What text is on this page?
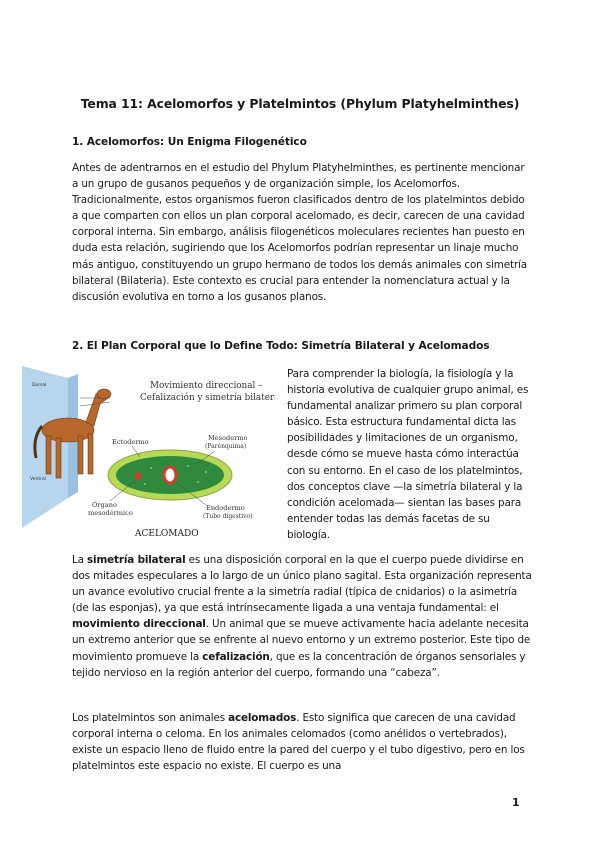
Tema 11: Acelomorfos y Platelmintos (Phylum Platyhelminthes)
1. Acelomorfos: Un Enigma Filogenético

Antes de adentrarnos en el estudio del Phylum Platyhelminthes, es pertinente mencionar a un grupo de gusanos pequeños y de organización simple, los Acelomorfos. Tradicionalmente, estos organismos fueron clasificados dentro de los platelmintos debido a que comparten con ellos un plan corporal acelomado, es decir, carecen de una cavidad corporal interna. Sin embargo, análisis filogenéticos moleculares recientes han puesto en duda esta relación, sugiriendo que los Acelomorfos podrían representar un linaje mucho más antiguo, constituyendo un grupo hermano de todos los demás animales con simetría bilateral (Bilateria). Este contexto es crucial para entender la nomenclatura actual y la discusión evolutiva en torno a los gusanos planos.

2. El Plan Corporal que lo Define Todo: Simetría Bilateral y Acelomados
Dorsal
Ventral
Movimiento direccional –
Cefalización y simetría bilateral
Ectodermo	Mesodermo
(Parénquima)
Órgano
mesodérmico
Endodermo
(Tubo digestivo)
ACELOMADO

Para comprender la biología, la fisiología y la historia evolutiva de cualquier grupo animal, es fundamental analizar primero su plan corporal básico. Esta estructura fundamental dicta las posibilidades y limitaciones de un organismo, desde cómo se mueve hasta cómo interactúa con su entorno. En el caso de los platelmintos, dos conceptos clave —la simetría bilateral y la condición acelomada— sientan las bases para entender todas las demás facetas de su biología.

La simetría bilateral es una disposición corporal en la que el cuerpo puede dividirse en dos mitades especulares a lo largo de un único plano sagital. Esta organización representa un avance evolutivo crucial frente a la simetría radial (típica de cnidarios) o la asimetría (de las esponjas), ya que está intrínsecamente ligada a una ventaja fundamental: el movimiento direccional. Un animal que se mueve activamente hacia adelante necesita un extremo anterior que se enfrente al nuevo entorno y un extremo posterior. Este tipo de movimiento promueve la cefalización, que es la concentración de órganos sensoriales y tejido nervioso en la región anterior del cuerpo, formando una “cabeza”.

Los platelmintos son animales acelomados. Esto significa que carecen de una cavidad corporal interna o celoma. En los animales celomados (como anélidos o vertebrados), existe un espacio lleno de fluido entre la pared del cuerpo y el tubo digestivo, pero en los platelmintos este espacio no existe. El cuerpo es una

1
